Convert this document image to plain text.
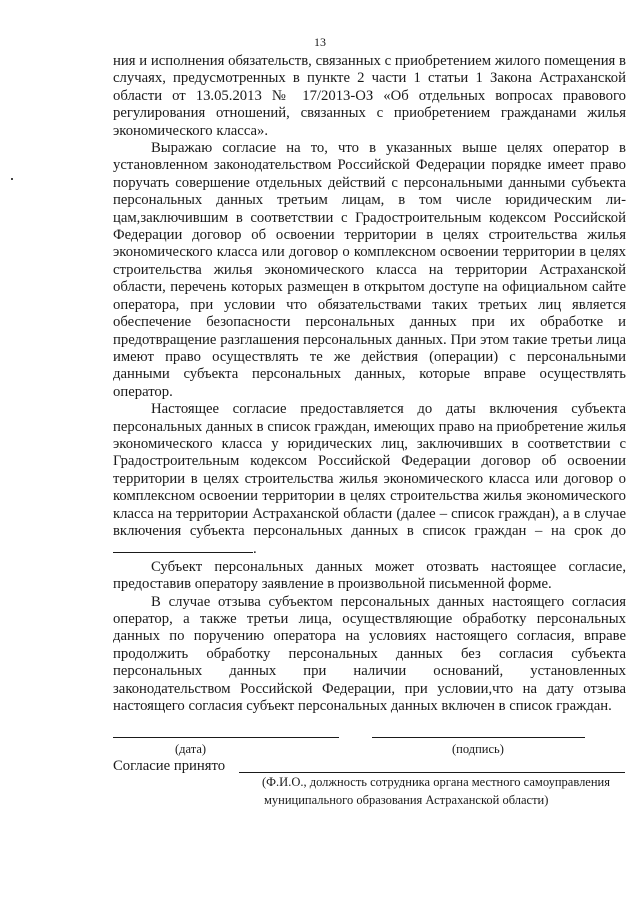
13

ния и исполнения обязательств, связанных с приобретением жилого помещения в случаях, предусмотренных в пункте 2 части 1 статьи 1 Закона Астраханской области от 13.05.2013 № 17/2013-ОЗ «Об отдельных вопросах правового регулирования отношений, связанных с приобретением гражданами жилья экономического класса».

Выражаю согласие на то, что в указанных выше целях оператор в установленном законодательством Российской Федерации порядке имеет право поручать совершение отдельных действий с персональными данными субъекта персональных данных третьим лицам, в том числе юридическим лицам,заключившим в соответствии с Градостроительным кодексом Российской Федерации договор об освоении территории в целях строительства жилья экономического класса или договор о комплексном освоении территории в целях строительства жилья экономического класса на территории Астраханской области, перечень которых размещен в открытом доступе на официальном сайте оператора, при условии что обязательствами таких третьих лиц является обеспечение безопасности персональных данных при их обработке и предотвращение разглашения персональных данных. При этом такие третьи лица имеют право осуществлять те же действия (операции) с персональными данными субъекта персональных данных, которые вправе осуществлять оператор.

Настоящее согласие предоставляется до даты включения субъекта персональных данных в список граждан, имеющих право на приобретение жилья экономического класса у юридических лиц, заключивших в соответствии с Градостроительным кодексом Российской Федерации договор об освоении территории в целях строительства жилья экономического класса или договор о комплексном освоении территории в целях строительства жилья экономического класса на территории Астраханской области (далее – список граждан), а в случае включения субъекта персональных данных в список граждан – на срок до .

Субъект персональных данных может отозвать настоящее согласие, предоставив оператору заявление в произвольной письменной форме.

В случае отзыва субъектом персональных данных настоящего согласия оператор, а также третьи лица, осуществляющие обработку персональных данных по поручению оператора на условиях настоящего согласия, вправе продолжить обработку персональных данных без согласия субъекта персональных данных при наличии оснований, установленных законодательством Российской Федерации, при условии,что на дату отзыва настоящего согласия субъект персональных данных включен в список граждан.

(дата)	(подпись)
Согласие принято
(Ф.И.О., должность сотрудника органа местного самоуправления
муниципального образования Астраханской области)
